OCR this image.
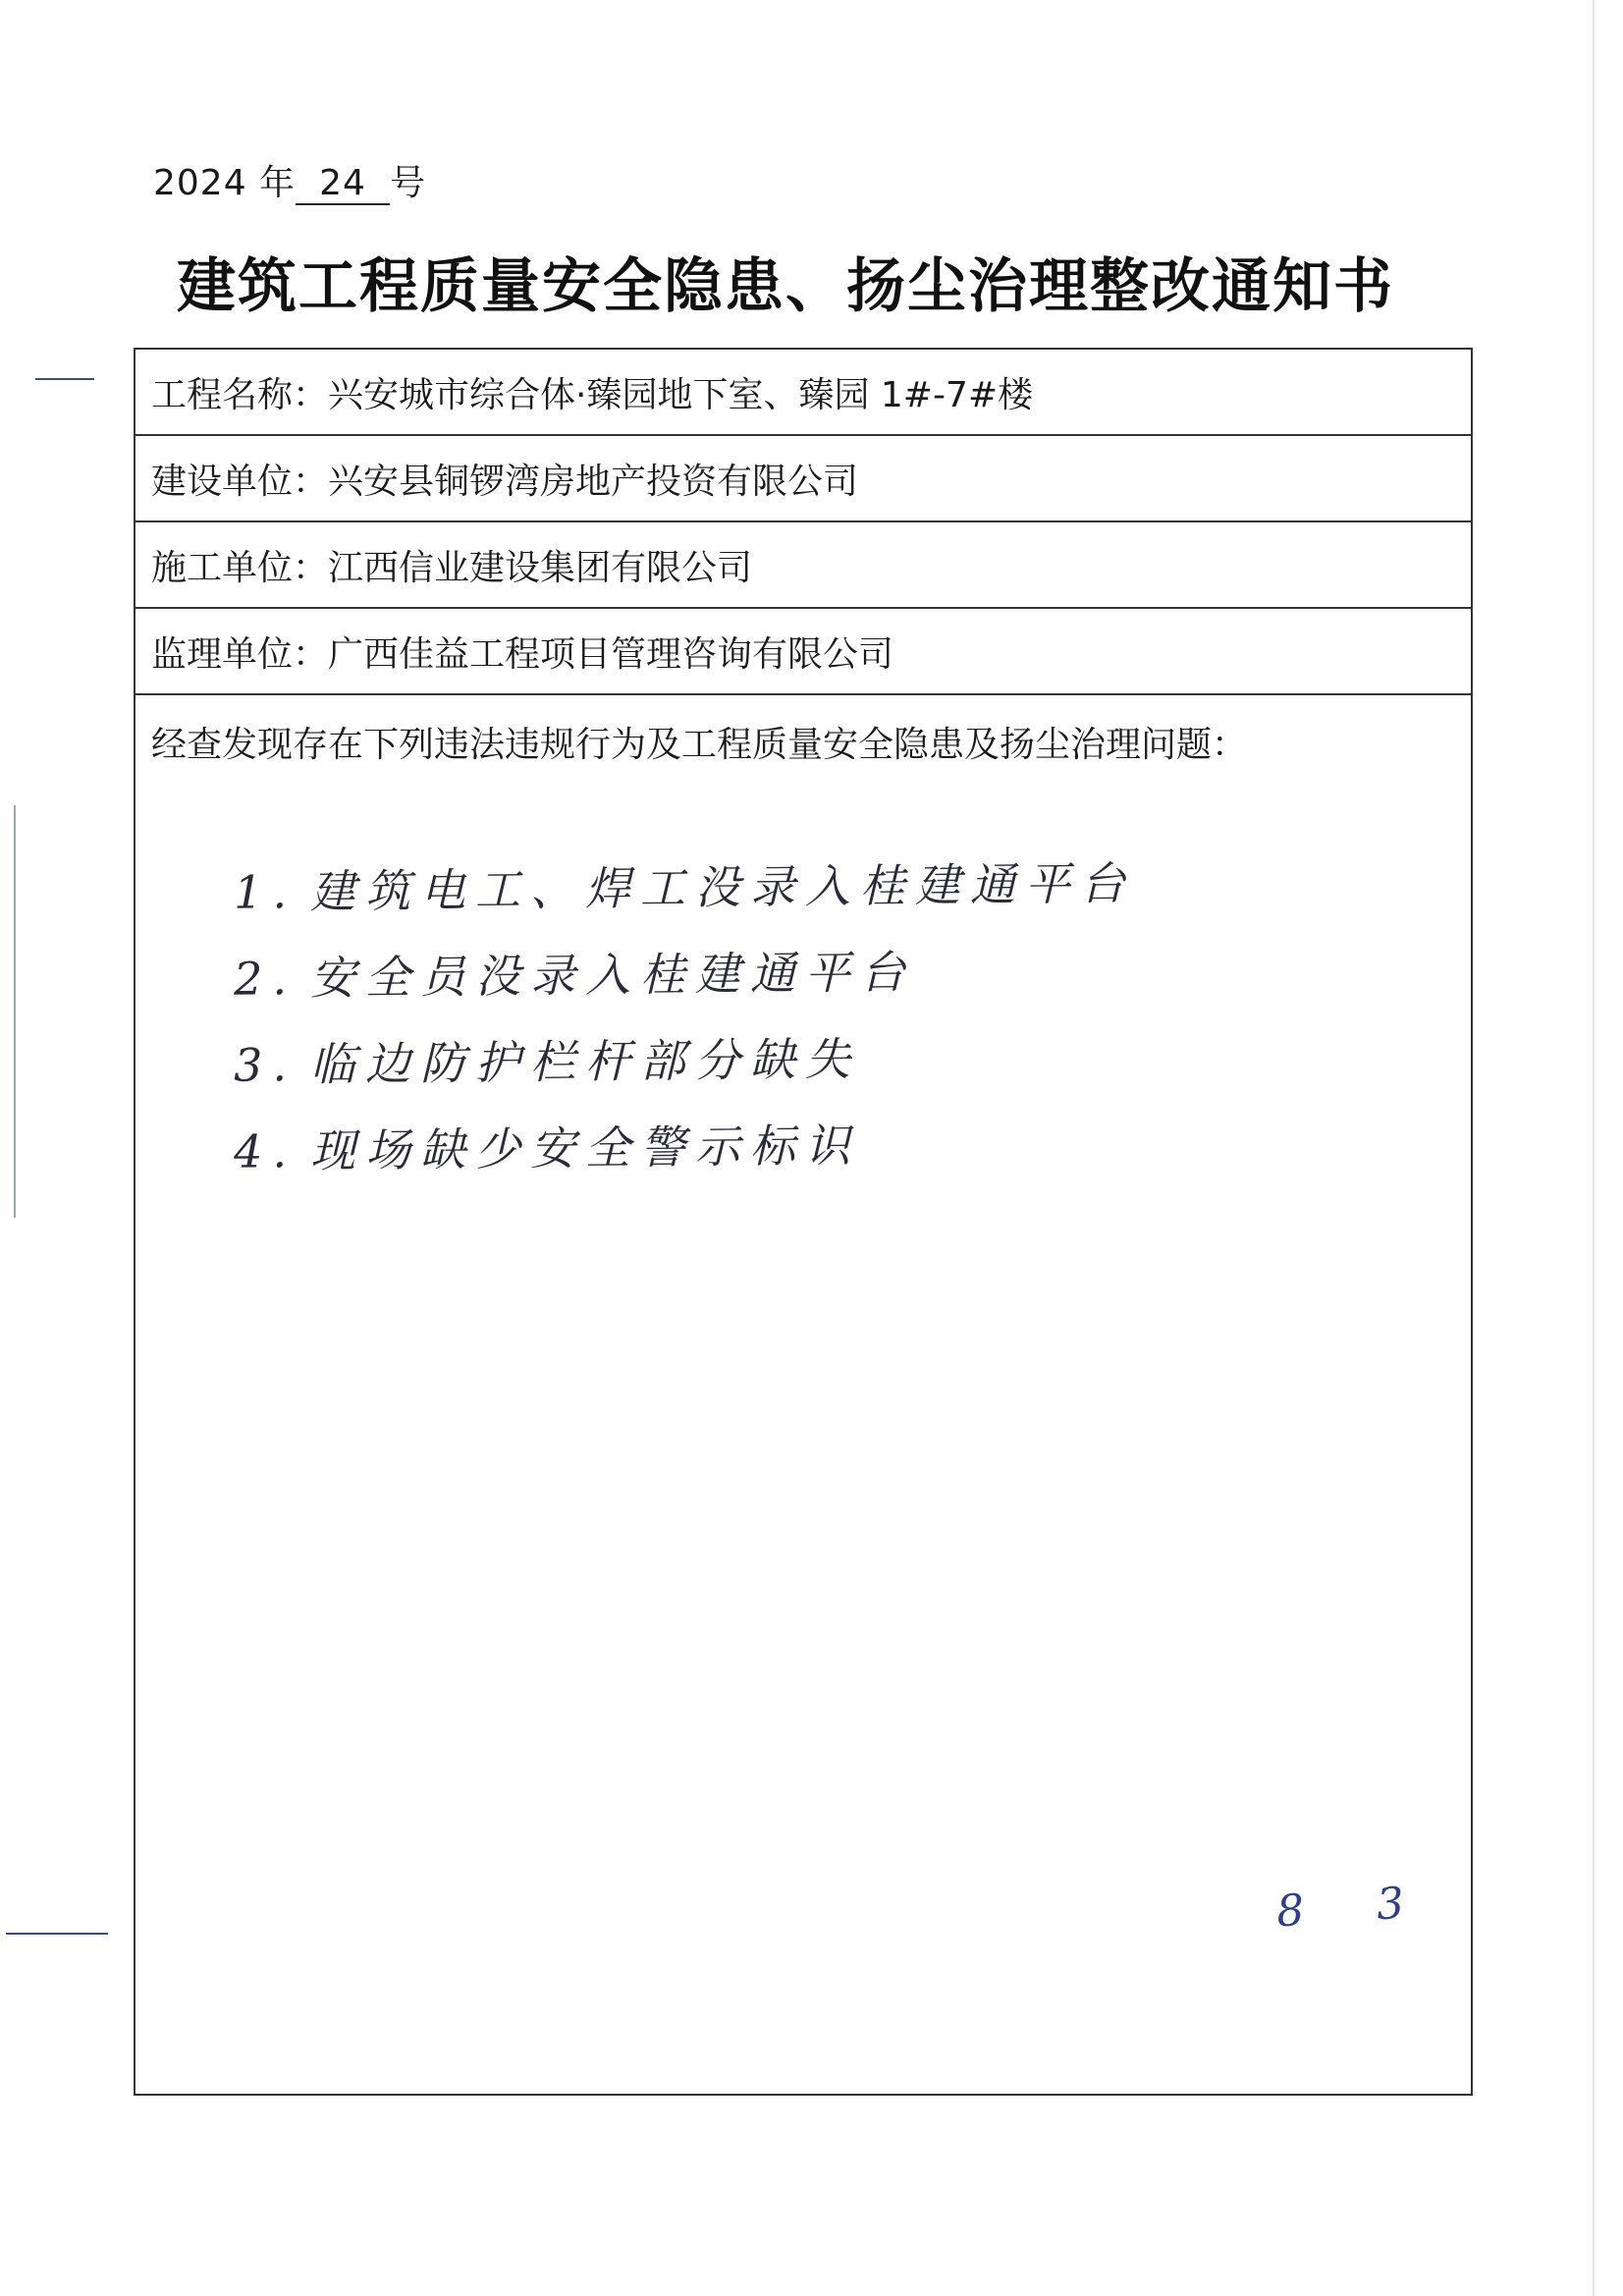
2024 年 24 号
建筑工程质量安全隐患、扬尘治理整改通知书
工程名称： 兴安城市综合体·臻园地下室、臻园 1#-7#楼
建设单位： 兴安县铜锣湾房地产投资有限公司
施工单位： 江西信业建设集团有限公司
监理单位： 广西佳益工程项目管理咨询有限公司
经查发现存在下列违法违规行为及工程质量安全隐患及扬尘治理问题：
1. 建筑电工、焊工没录入桂建通平台
2. 安全员没录入桂建通平台
3. 临边防护栏杆部分缺失
4. 现场缺少安全警示标识
8 3
